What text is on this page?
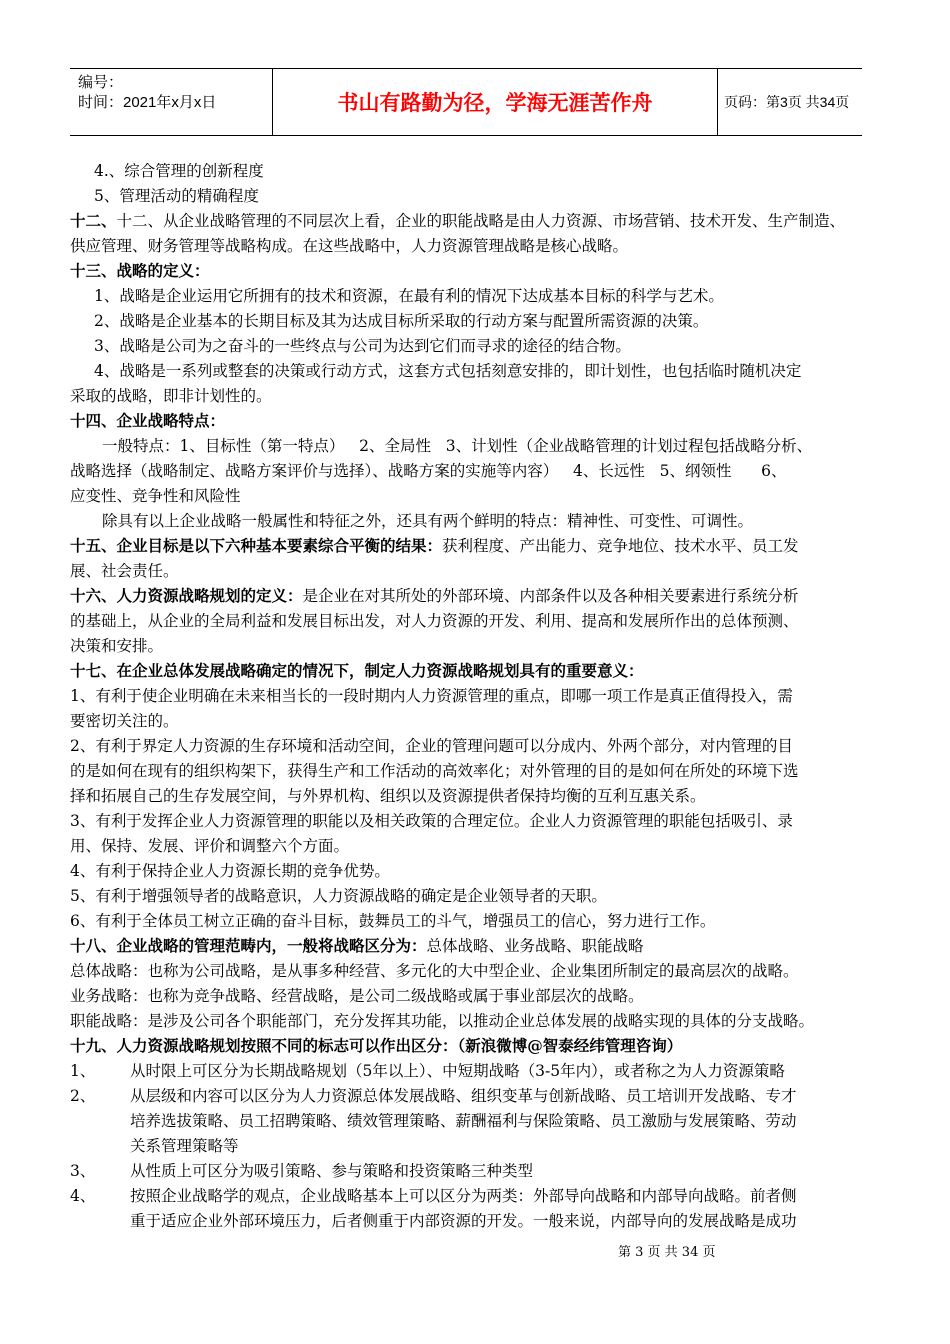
编号：
时间：2021年x月x日	书山有路勤为径，学海无涯苦作舟	页码：第3页 共34页
4.、综合管理的创新程度
5、管理活动的精确程度
十二、十二、从企业战略管理的不同层次上看，企业的职能战略是由人力资源、市场营销、技术开发、生产制造、
供应管理、财务管理等战略构成。在这些战略中，人力资源管理战略是核心战略。
十三、战略的定义：
1、战略是企业运用它所拥有的技术和资源，在最有利的情况下达成基本目标的科学与艺术。
2、战略是企业基本的长期目标及其为达成目标所采取的行动方案与配置所需资源的决策。
3、战略是公司为之奋斗的一些终点与公司为达到它们而寻求的途径的结合物。
4、战略是一系列或整套的决策或行动方式，这套方式包括刻意安排的，即计划性，也包括临时随机决定
采取的战略，即非计划性的。
十四、企业战略特点：
一般特点：1、目标性（第一特点）   2、全局性   3、计划性（企业战略管理的计划过程包括战略分析、
战略选择（战略制定、战略方案评价与选择）、战略方案的实施等内容）   4、长远性   5、纲领性      6、
应变性、竞争性和风险性
除具有以上企业战略一般属性和特征之外，还具有两个鲜明的特点：精神性、可变性、可调性。
十五、企业目标是以下六种基本要素综合平衡的结果：获利程度、产出能力、竞争地位、技术水平、员工发
展、社会责任。
十六、人力资源战略规划的定义：是企业在对其所处的外部环境、内部条件以及各种相关要素进行系统分析
的基础上，从企业的全局利益和发展目标出发，对人力资源的开发、利用、提高和发展所作出的总体预测、
决策和安排。
十七、在企业总体发展战略确定的情况下，制定人力资源战略规划具有的重要意义：
1、有利于使企业明确在未来相当长的一段时期内人力资源管理的重点，即哪一项工作是真正值得投入，需
要密切关注的。
2、有利于界定人力资源的生存环境和活动空间，企业的管理问题可以分成内、外两个部分，对内管理的目
的是如何在现有的组织构架下，获得生产和工作活动的高效率化；对外管理的目的是如何在所处的环境下选
择和拓展自己的生存发展空间，与外界机构、组织以及资源提供者保持均衡的互利互惠关系。
3、有利于发挥企业人力资源管理的职能以及相关政策的合理定位。企业人力资源管理的职能包括吸引、录
用、保持、发展、评价和调整六个方面。
4、有利于保持企业人力资源长期的竞争优势。
5、有利于增强领导者的战略意识，人力资源战略的确定是企业领导者的天职。
6、有利于全体员工树立正确的奋斗目标，鼓舞员工的斗气，增强员工的信心，努力进行工作。
十八、企业战略的管理范畴内，一般将战略区分为：总体战略、业务战略、职能战略
总体战略：也称为公司战略，是从事多种经营、多元化的大中型企业、企业集团所制定的最高层次的战略。
业务战略：也称为竞争战略、经营战略，是公司二级战略或属于事业部层次的战略。
职能战略：是涉及公司各个职能部门，充分发挥其功能，以推动企业总体发展的战略实现的具体的分支战略。
十九、人力资源战略规划按照不同的标志可以作出区分：（新浪微博@智泰经纬管理咨询）
1、 从时限上可区分为长期战略规划（5年以上）、中短期战略（3-5年内），或者称之为人力资源策略
2、 从层级和内容可以区分为人力资源总体发展战略、组织变革与创新战略、员工培训开发战略、专才
培养选拔策略、员工招聘策略、绩效管理策略、薪酬福利与保险策略、员工激励与发展策略、劳动
关系管理策略等
3、 从性质上可区分为吸引策略、参与策略和投资策略三种类型
4、 按照企业战略学的观点，企业战略基本上可以区分为两类：外部导向战略和内部导向战略。前者侧
重于适应企业外部环境压力，后者侧重于内部资源的开发。一般来说，内部导向的发展战略是成功
第 3 页 共 34 页
